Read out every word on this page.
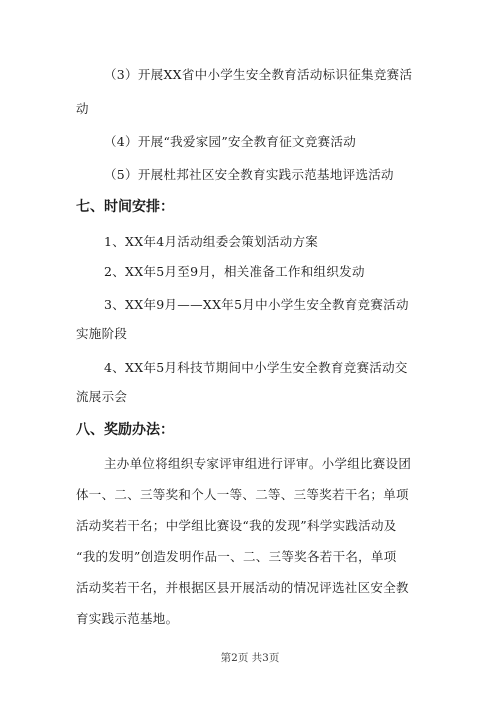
（3）开展XX省中小学生安全教育活动标识征集竞赛活
动
（4）开展“我爱家园”安全教育征文竞赛活动
（5）开展杜邦社区安全教育实践示范基地评选活动
七、时间安排：
1、XX年4月活动组委会策划活动方案
2、XX年5月至9月，相关准备工作和组织发动
3、XX年9月——XX年5月中小学生安全教育竞赛活动
实施阶段
4、XX年5月科技节期间中小学生安全教育竞赛活动交
流展示会
八、奖励办法：
主办单位将组织专家评审组进行评审。小学组比赛设团
体一、二、三等奖和个人一等、二等、三等奖若干名；单项
活动奖若干名；中学组比赛设“我的发现”科学实践活动及
“我的发明”创造发明作品一、二、三等奖各若干名，单项
活动奖若干名，并根据区县开展活动的情况评选社区安全教
育实践示范基地。
第2页 共3页
